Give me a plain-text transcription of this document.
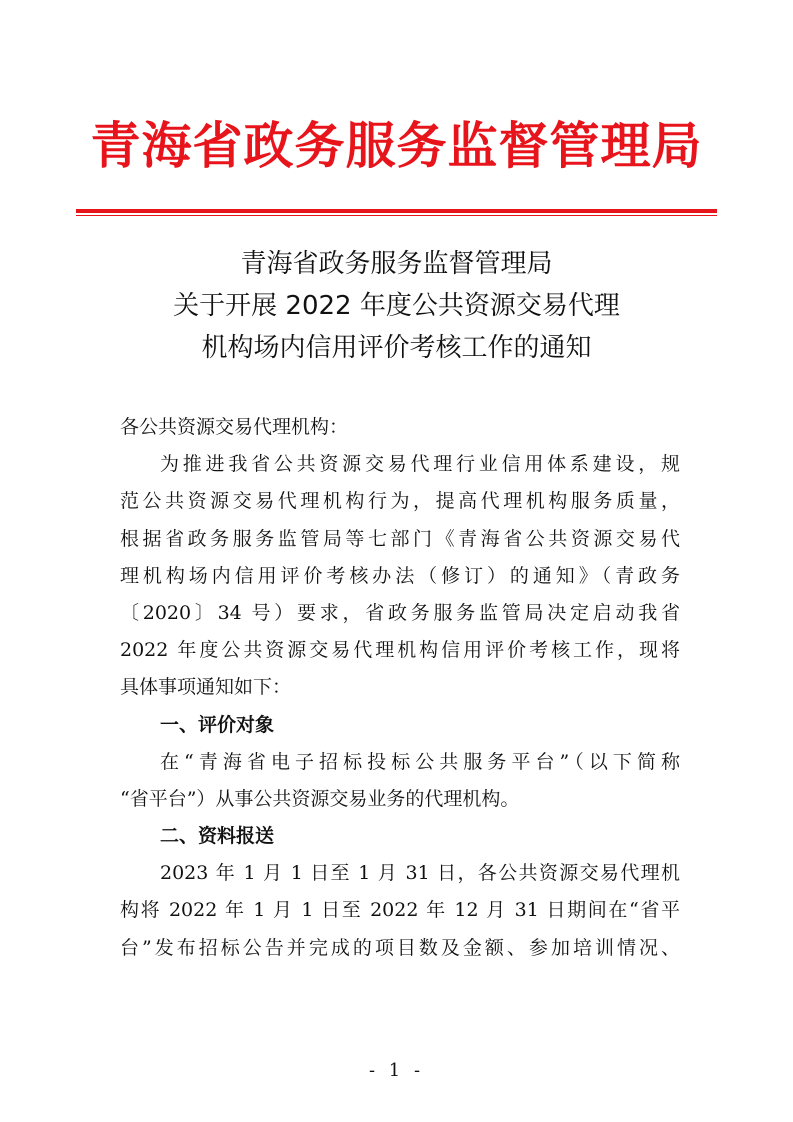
青海省政务服务监督管理局
青海省政务服务监督管理局
关于开展 2022 年度公共资源交易代理
机构场内信用评价考核工作的通知
各公共资源交易代理机构：
为推进我省公共资源交易代理行业信用体系建设，规
范公共资源交易代理机构行为，提高代理机构服务质量，
根据省政务服务监管局等七部门《青海省公共资源交易代
理机构场内信用评价考核办法（修订）的通知》（青政务
〔2020〕34 号）要求，省政务服务监管局决定启动我省
2022 年度公共资源交易代理机构信用评价考核工作，现将
具体事项通知如下：
一、评价对象
在“青海省电子招标投标公共服务平台”（以下简称
“省平台”）从事公共资源交易业务的代理机构。
二、资料报送
2023 年 1 月 1 日至 1 月 31 日，各公共资源交易代理机
构将 2022 年 1 月 1 日至 2022 年 12 月 31 日期间在“省平
台”发布招标公告并完成的项目数及金额、参加培训情况、
- 1 -
